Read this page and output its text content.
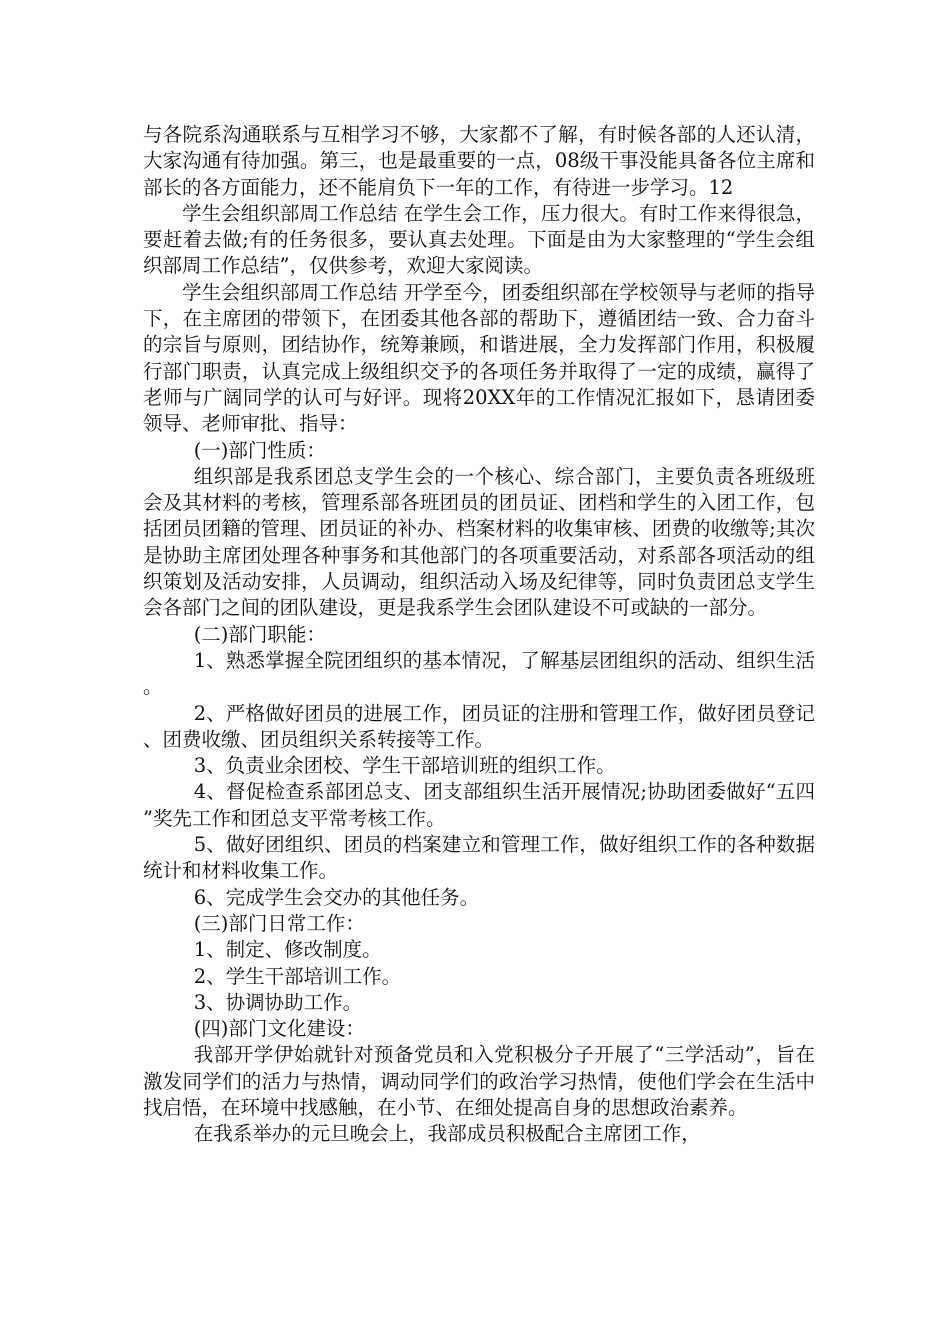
与各院系沟通联系与互相学习不够，大家都不了解，有时候各部的人还认清，大家沟通有待加强。第三，也是最重要的一点，08级干事没能具备各位主席和部长的各方面能力，还不能肩负下一年的工作，有待进一步学习。12

学生会组织部周工作总结 在学生会工作，压力很大。有时工作来得很急，要赶着去做;有的任务很多，要认真去处理。下面是由为大家整理的“学生会组织部周工作总结”，仅供参考，欢迎大家阅读。

学生会组织部周工作总结 开学至今，团委组织部在学校领导与老师的指导下，在主席团的带领下，在团委其他各部的帮助下，遵循团结一致、合力奋斗的宗旨与原则，团结协作，统筹兼顾，和谐进展，全力发挥部门作用，积极履行部门职责，认真完成上级组织交予的各项任务并取得了一定的成绩，赢得了老师与广阔同学的认可与好评。现将20XX年的工作情况汇报如下，恳请团委领导、老师审批、指导：

(一)部门性质：

组织部是我系团总支学生会的一个核心、综合部门，主要负责各班级班会及其材料的考核，管理系部各班团员的团员证、团档和学生的入团工作，包括团员团籍的管理、团员证的补办、档案材料的收集审核、团费的收缴等;其次是协助主席团处理各种事务和其他部门的各项重要活动，对系部各项活动的组织策划及活动安排，人员调动，组织活动入场及纪律等，同时负责团总支学生会各部门之间的团队建设，更是我系学生会团队建设不可或缺的一部分。

(二)部门职能：

1、熟悉掌握全院团组织的基本情况，了解基层团组织的活动、组织生活。

2、严格做好团员的进展工作，团员证的注册和管理工作，做好团员登记、团费收缴、团员组织关系转接等工作。

3、负责业余团校、学生干部培训班的组织工作。

4、督促检查系部团总支、团支部组织生活开展情况;协助团委做好“五四”奖先工作和团总支平常考核工作。

5、做好团组织、团员的档案建立和管理工作，做好组织工作的各种数据统计和材料收集工作。

6、完成学生会交办的其他任务。

(三)部门日常工作：

1、制定、修改制度。

2、学生干部培训工作。

3、协调协助工作。

(四)部门文化建设：

我部开学伊始就针对预备党员和入党积极分子开展了“三学活动”，旨在激发同学们的活力与热情，调动同学们的政治学习热情，使他们学会在生活中找启悟，在环境中找感触，在小节、在细处提高自身的思想政治素养。

在我系举办的元旦晚会上，我部成员积极配合主席团工作，
